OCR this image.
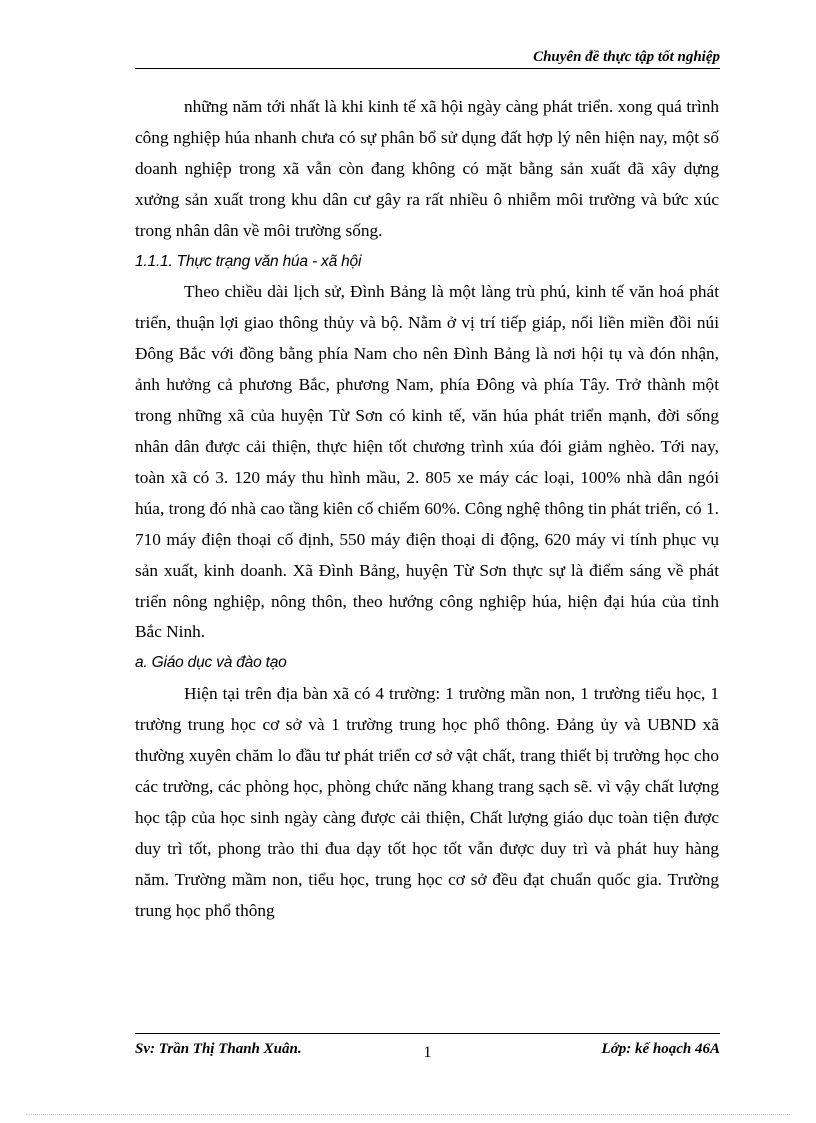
Chuyên đề thực tập tốt nghiệp

những năm tới nhất là khi kinh tế xã hội ngày càng phát triển. xong quá trình công nghiệp húa nhanh chưa có sự phân bổ sử dụng đất hợp lý nên hiện nay, một số doanh nghiệp trong xã vẫn còn đang không có mặt bằng sản xuất đã xây dựng xưởng sản xuất trong khu dân cư gây ra rất nhiều ô nhiễm môi trường và bức xúc trong nhân dân về môi trường sống.

1.1.1. Thực trạng văn húa - xã hội

Theo chiều dài lịch sử, Đình Bảng là một làng trù phú, kinh tế văn hoá phát triển, thuận lợi giao thông thủy và bộ. Nằm ở vị trí tiếp giáp, nối liền miền đồi núi Đông Bắc với đồng bằng phía Nam cho nên Đình Bảng là nơi hội tụ và đón nhận, ảnh hưởng cả phương Bắc, phương Nam, phía Đông và phía Tây. Trở thành một trong những xã của huyện Từ Sơn có kinh tế, văn húa phát triển mạnh, đời sống nhân dân được cải thiện, thực hiện tốt chương trình xúa đói giảm nghèo. Tới nay, toàn xã có 3. 120 máy thu hình mầu, 2. 805 xe máy các loại, 100% nhà dân ngói húa, trong đó nhà cao tầng kiên cố chiếm 60%. Công nghệ thông tin phát triển, có 1. 710 máy điện thoại cố định, 550 máy điện thoại di động, 620 máy vi tính phục vụ sản xuất, kinh doanh. Xã Đình Bảng, huyện Từ Sơn thực sự là điểm sáng về phát triển nông nghiệp, nông thôn, theo hướng công nghiệp húa, hiện đại húa của tỉnh Bắc Ninh.

a. Giáo dục và đào tạo

Hiện tại trên địa bàn xã có 4 trường: 1 trường mần non, 1 trường tiểu học, 1 trường trung học cơ sở và 1 trường trung học phổ thông. Đảng ủy và UBND xã thường xuyên chăm lo đầu tư phát triển cơ sở vật chất, trang thiết bị trường học cho các trường, các phòng học, phòng chức năng khang trang sạch sẽ. vì vậy chất lượng học tập của học sinh ngày càng được cải thiện, Chất lượng giáo dục toàn tiện được duy trì tốt, phong trào thi đua dạy tốt học tốt vẫn được duy trì và phát huy hàng năm. Trường mầm non, tiểu học, trung học cơ sở đều đạt chuẩn quốc gia. Trường trung học phổ thông

Sv: Trần Thị Thanh Xuân.	1	Lớp: kế hoạch 46A
